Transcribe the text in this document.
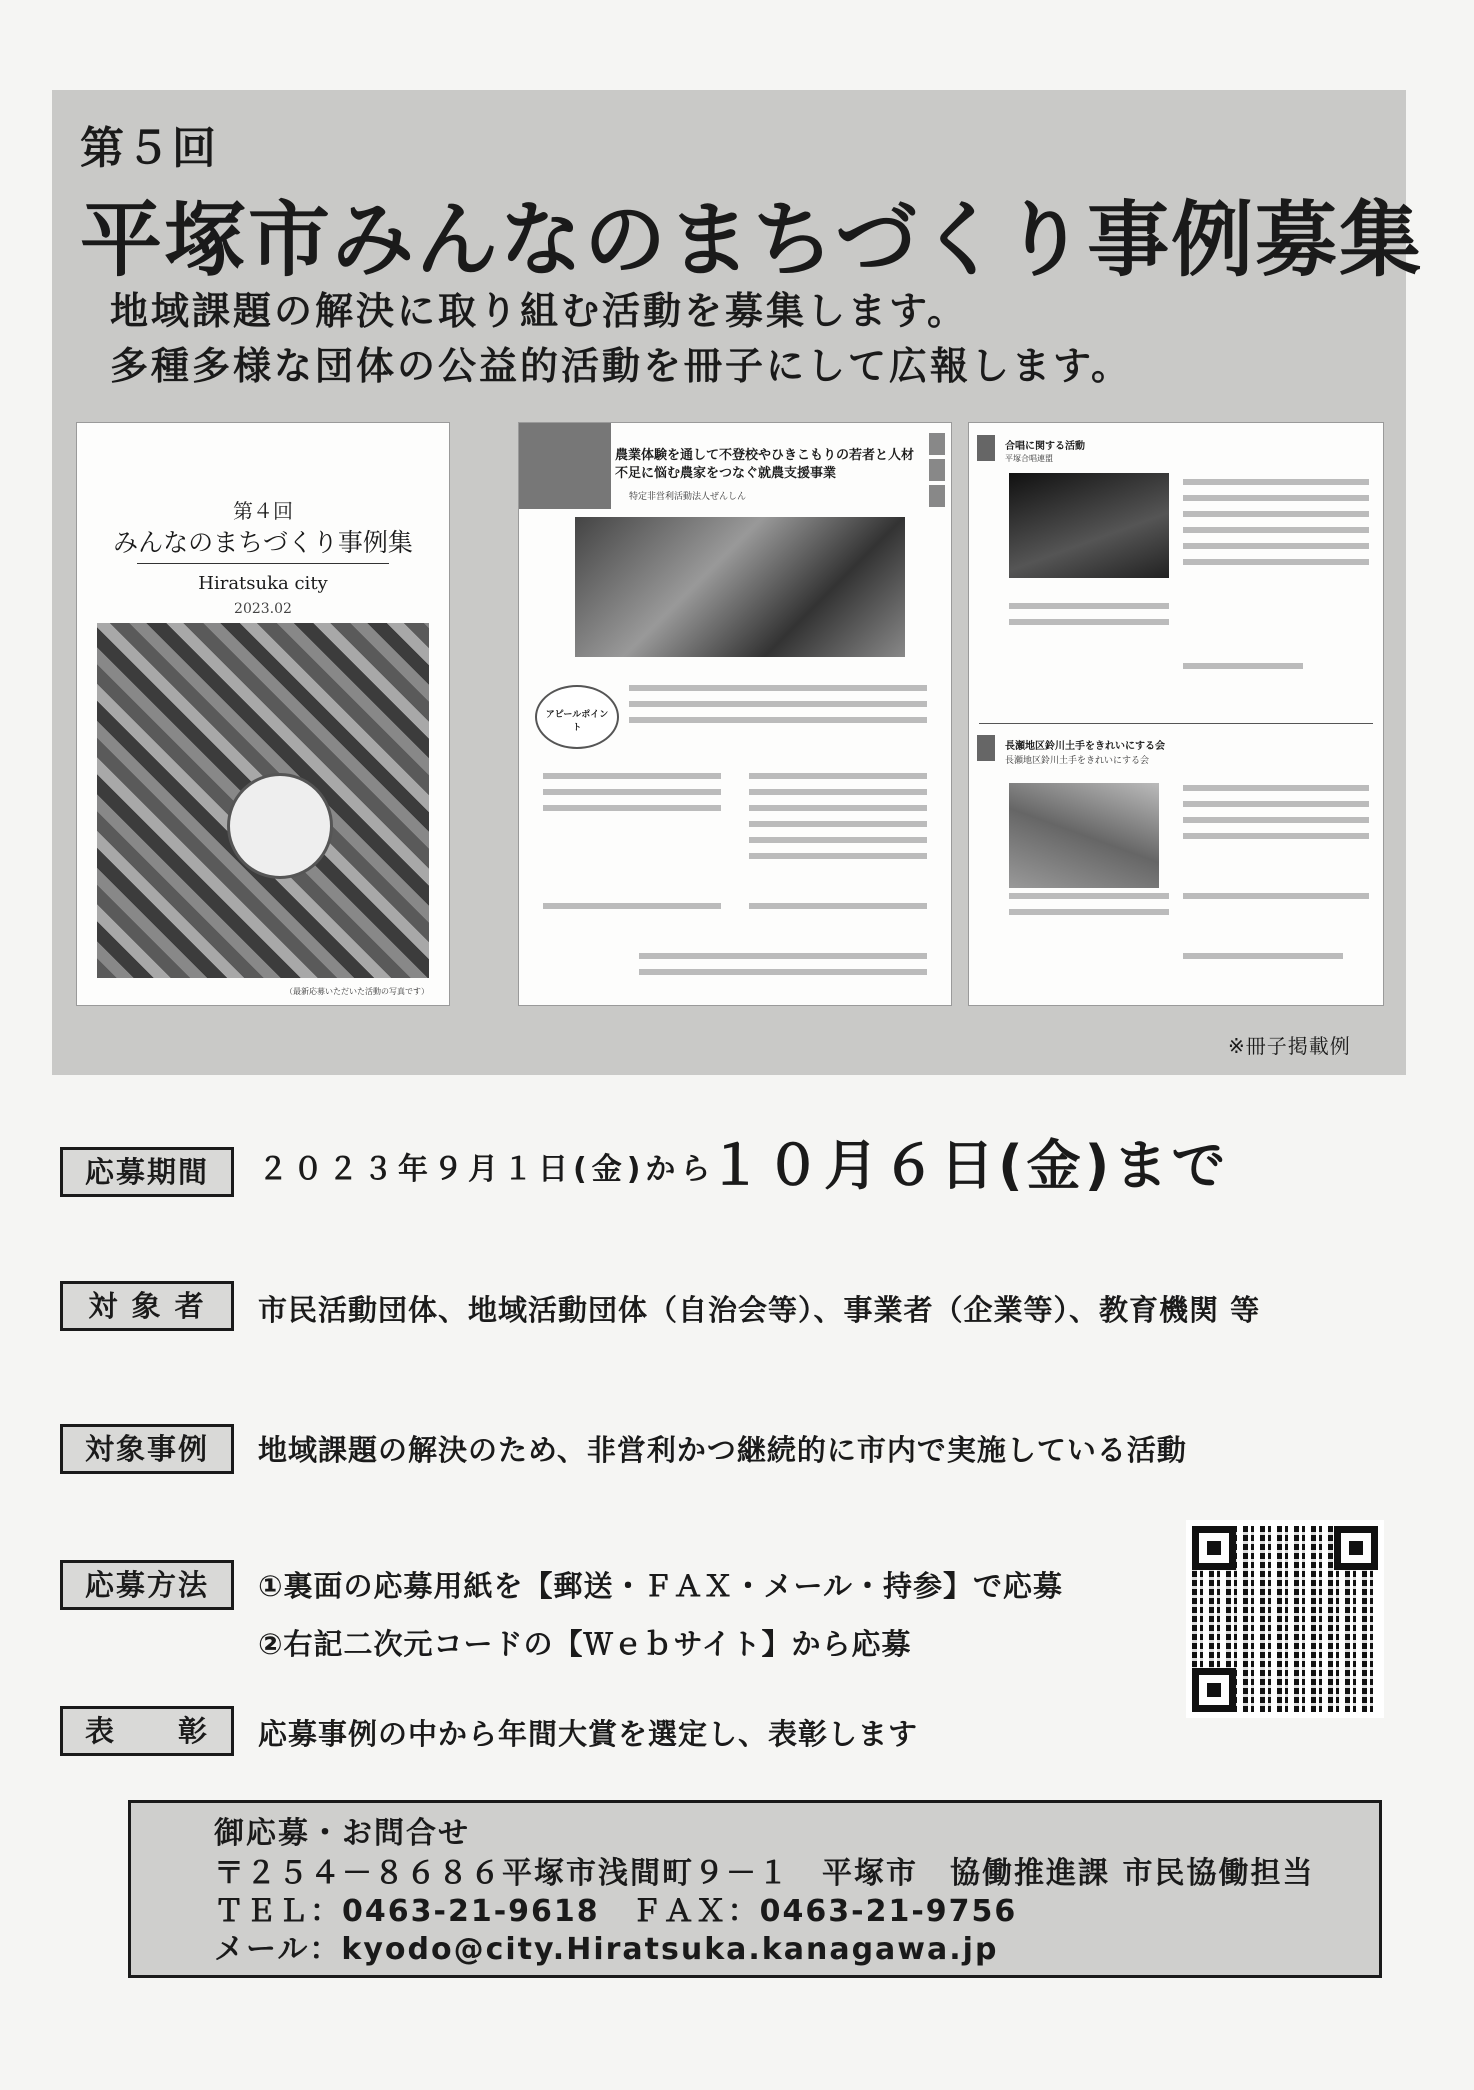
第５回
平塚市みんなのまちづくり事例募集
地域課題の解決に取り組む活動を募集します。
多種多様な団体の公益的活動を冊子にして広報します。
第４回
みんなのまちづくり事例集
Hiratsuka city
2023.02
（最新応募いただいた活動の写真です）
農業体験を通して不登校やひきこもりの若者と人材不足に悩む農家をつなぐ就農支援事業
特定非営利活動法人ぜんしん
アピールポイント
合唱に関する活動
平塚合唱連盟
長瀬地区鈴川土手をきれいにする会
長瀬地区鈴川土手をきれいにする会
※冊子掲載例
応募期間	２０２３年９月１日(金)から
１０月６日(金)まで
対 象 者	市民活動団体、地域活動団体（自治会等）、事業者（企業等）、教育機関 等
対象事例	地域課題の解決のため、非営利かつ継続的に市内で実施している活動
応募方法	①裏面の応募用紙を【郵送・ＦＡＸ・メール・持参】で応募
②右記二次元コードの【Ｗｅｂサイト】から応募
表　　彰	応募事例の中から年間大賞を選定し、表彰します
御応募・お問合せ
〒２５４－８６８６平塚市浅間町９－１　平塚市　協働推進課 市民協働担当
ＴＥＬ：0463-21-9618　ＦＡＸ：0463-21-9756
メール：kyodo@city.Hiratsuka.kanagawa.jp
